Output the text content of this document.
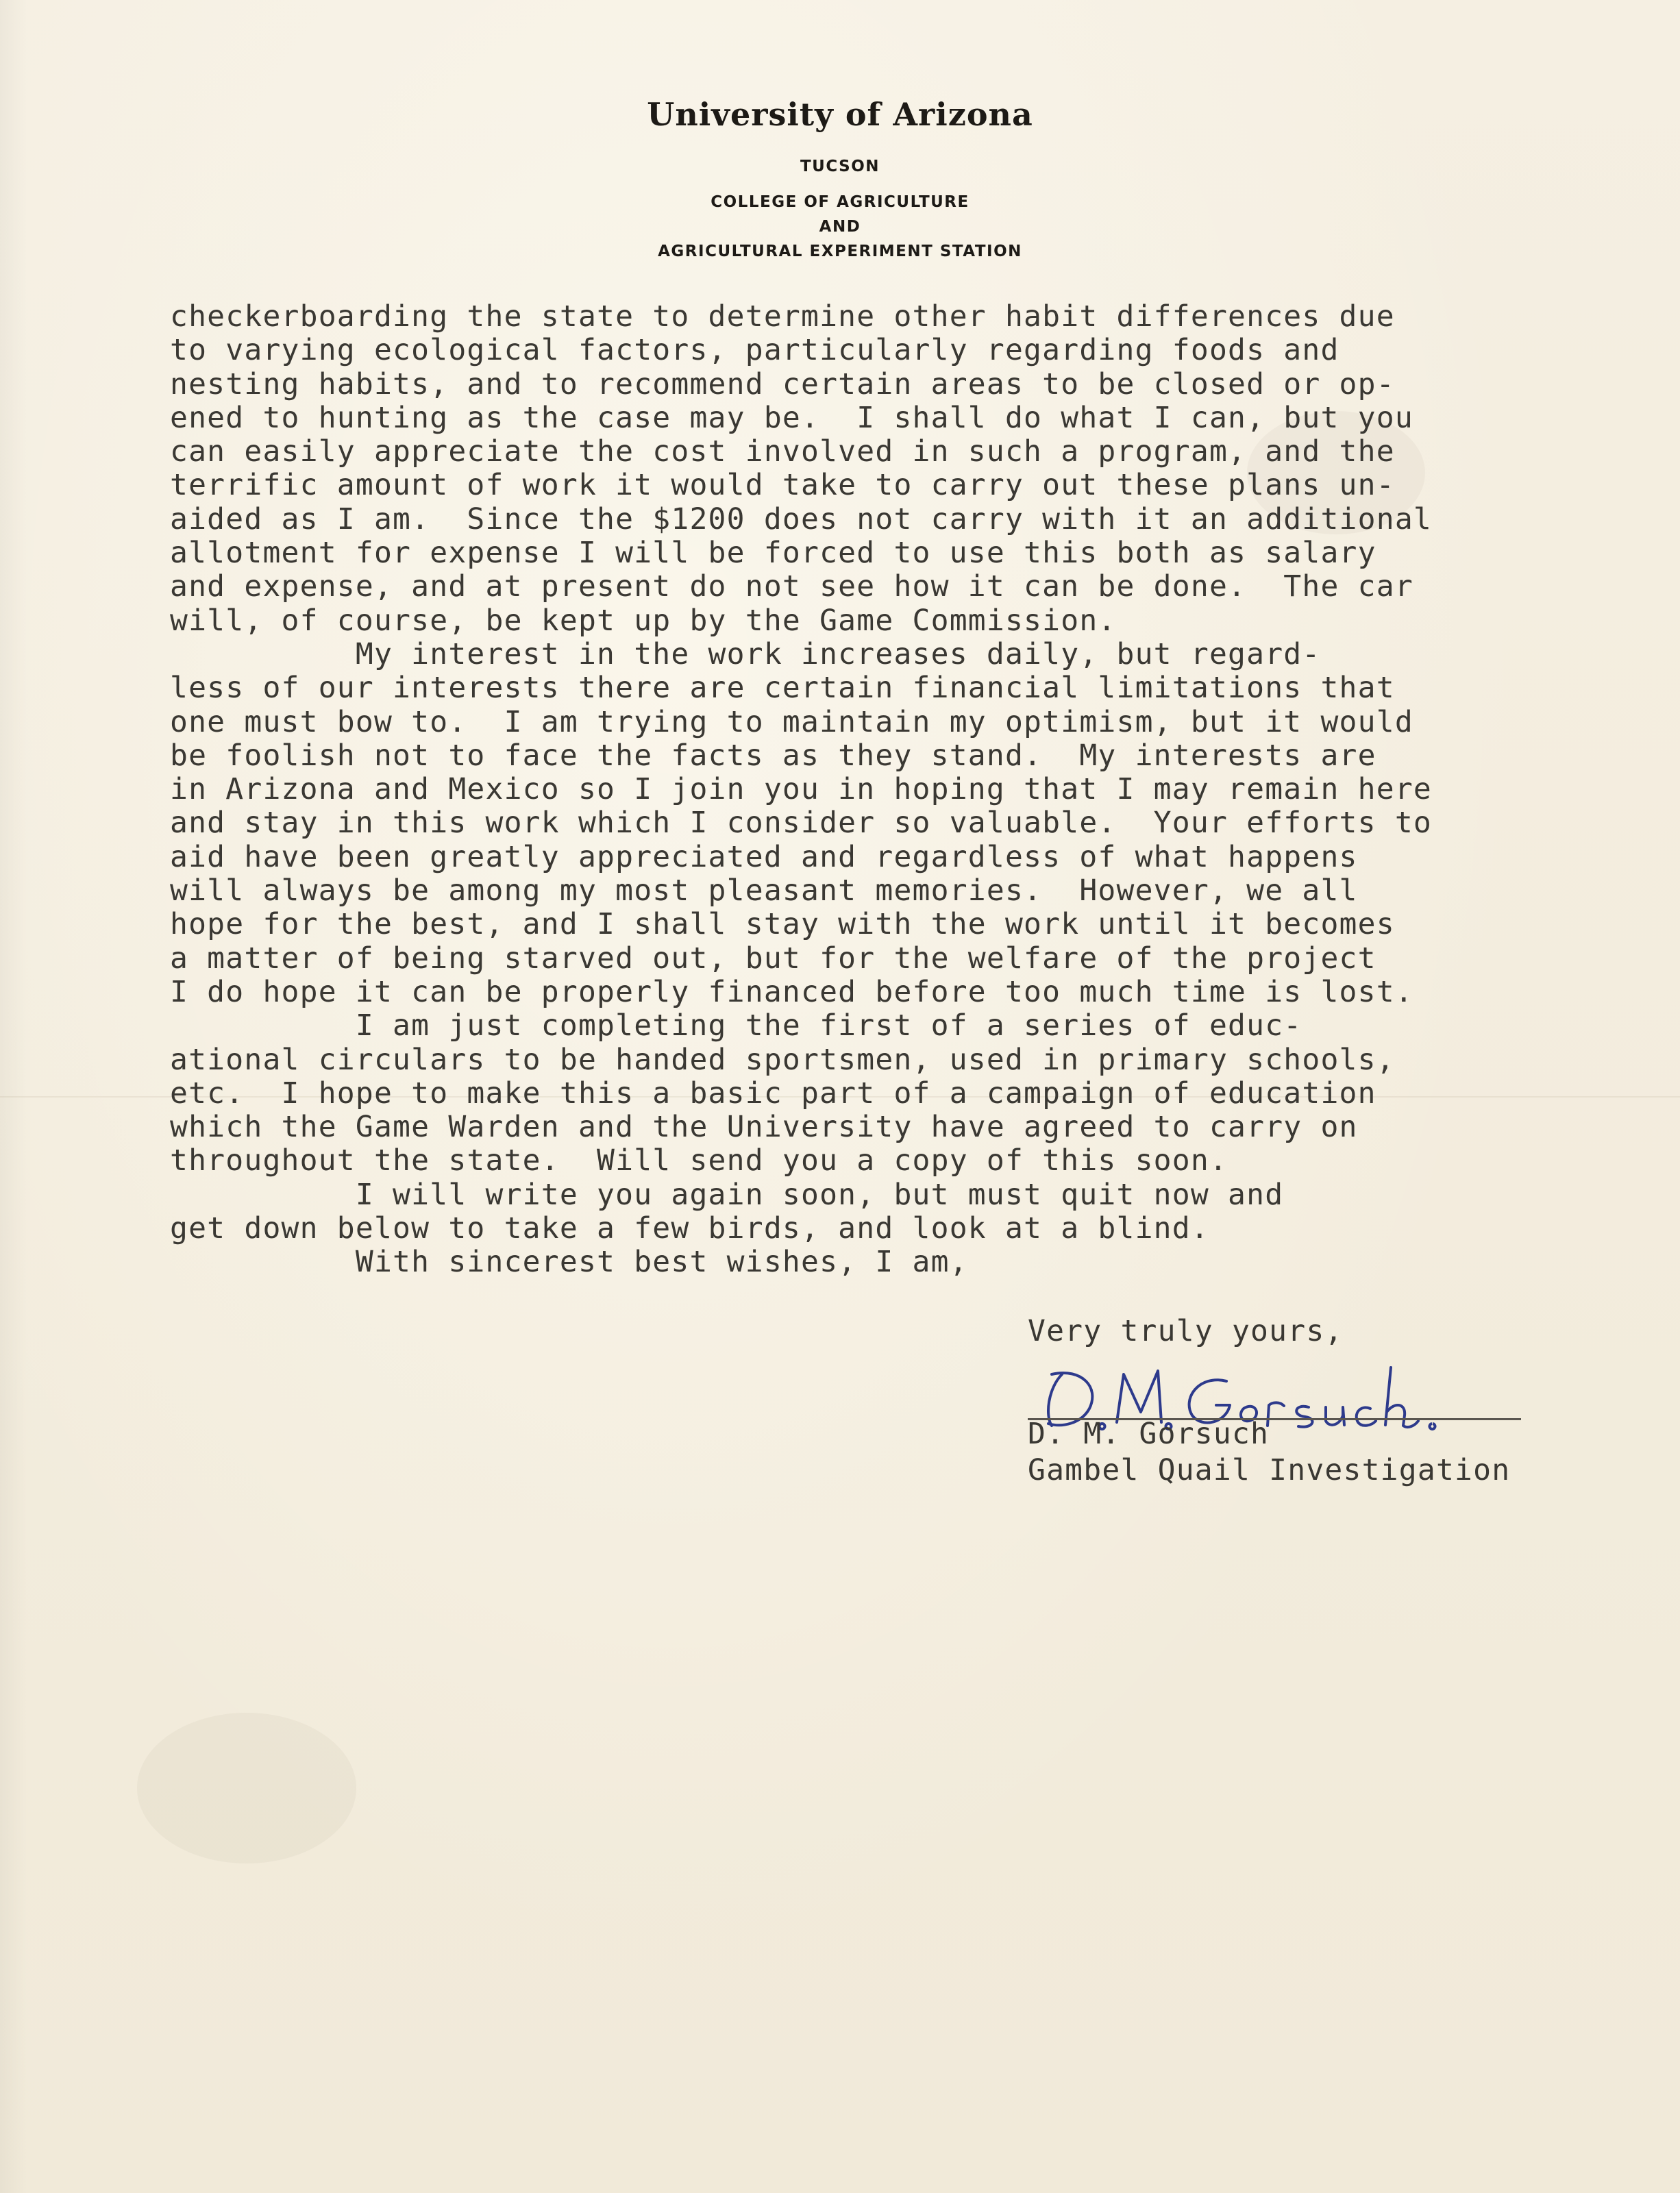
University of Arizona
TUCSON
COLLEGE OF AGRICULTURE
AND
AGRICULTURAL EXPERIMENT STATION
checkerboarding the state to determine other habit differences due
to varying ecological factors, particularly regarding foods and
nesting habits, and to recommend certain areas to be closed or op-
ened to hunting as the case may be.  I shall do what I can, but you
can easily appreciate the cost involved in such a program, and the
terrific amount of work it would take to carry out these plans un-
aided as I am.  Since the $1200 does not carry with it an additional
allotment for expense I will be forced to use this both as salary
and expense, and at present do not see how it can be done.  The car
will, of course, be kept up by the Game Commission.
My interest in the work increases daily, but regard-
less of our interests there are certain financial limitations that
one must bow to.  I am trying to maintain my optimism, but it would
be foolish not to face the facts as they stand.  My interests are
in Arizona and Mexico so I join you in hoping that I may remain here
and stay in this work which I consider so valuable.  Your efforts to
aid have been greatly appreciated and regardless of what happens
will always be among my most pleasant memories.  However, we all
hope for the best, and I shall stay with the work until it becomes
a matter of being starved out, but for the welfare of the project
I do hope it can be properly financed before too much time is lost.
I am just completing the first of a series of educ-
ational circulars to be handed sportsmen, used in primary schools,
etc.  I hope to make this a basic part of a campaign of education
which the Game Warden and the University have agreed to carry on
throughout the state.  Will send you a copy of this soon.
I will write you again soon, but must quit now and
get down below to take a few birds, and look at a blind.
With sincerest best wishes, I am,
Very truly yours,
D. M. Gorsuch
Gambel Quail Investigation
